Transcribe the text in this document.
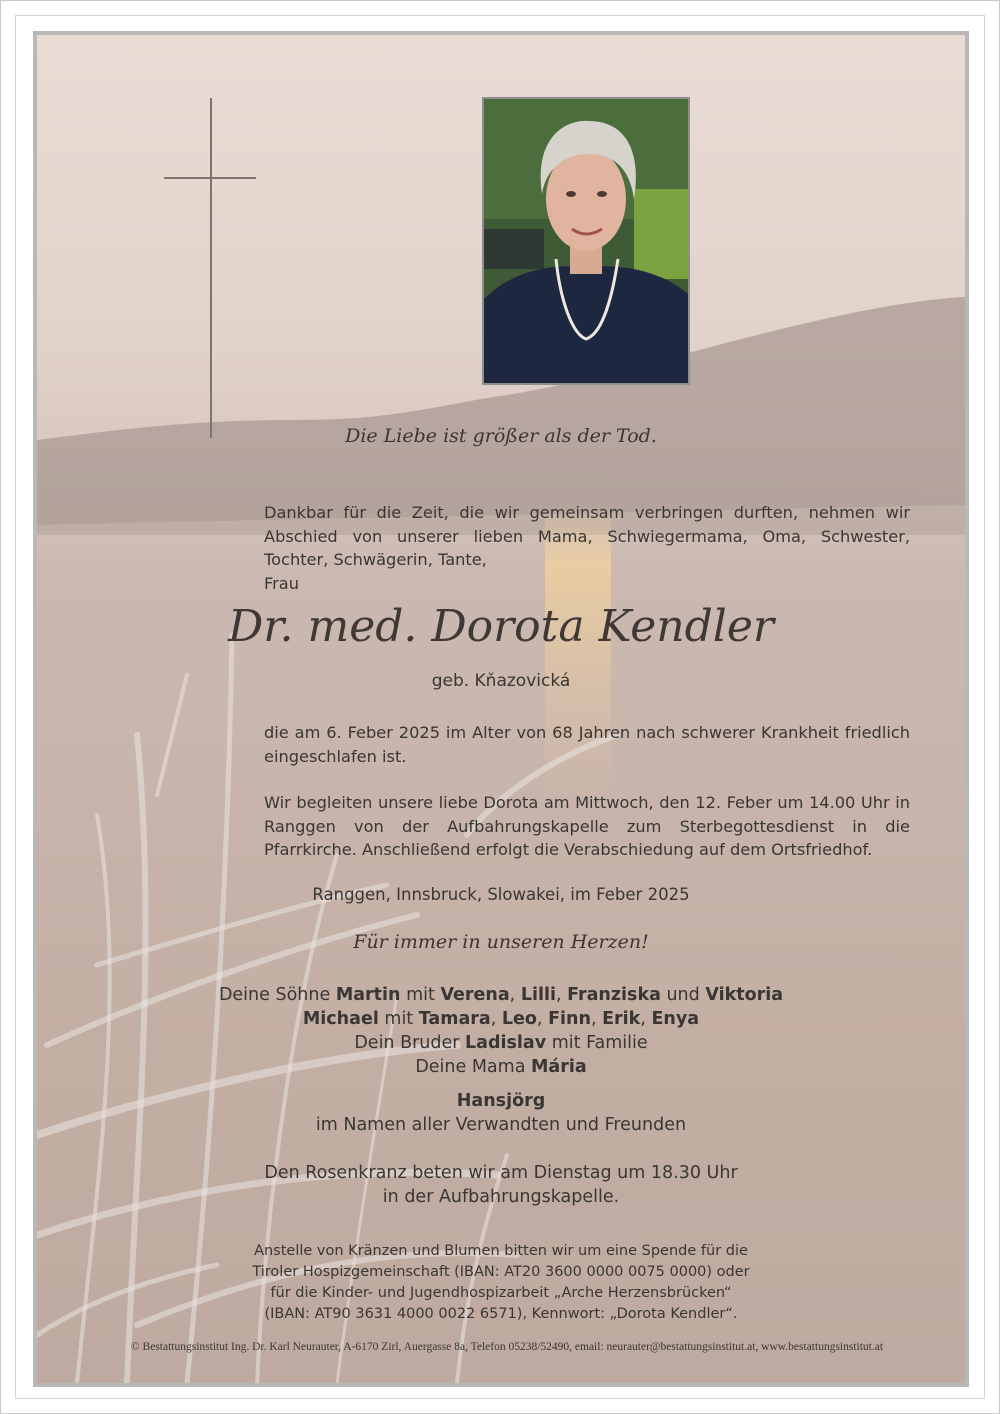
Die Liebe ist größer als der Tod.
Dankbar für die Zeit, die wir gemeinsam verbringen durften, nehmen wir Abschied von unserer lieben Mama, Schwiegermama, Oma, Schwester, Tochter, Schwägerin, Tante,
Frau
Dr. med. Dorota Kendler
geb. Kňazovická
die am 6. Feber 2025 im Alter von 68 Jahren nach schwerer Krankheit friedlich eingeschlafen ist.
Wir begleiten unsere liebe Dorota am Mittwoch, den 12. Feber um 14.00 Uhr in Ranggen von der Aufbahrungskapelle zum Sterbegottesdienst in die Pfarrkirche. Anschließend erfolgt die Verabschiedung auf dem Ortsfriedhof.
Ranggen, Innsbruck, Slowakei, im Feber 2025
Für immer in unseren Herzen!
Deine Söhne Martin mit Verena, Lilli, Franziska und Viktoria
Michael mit Tamara, Leo, Finn, Erik, Enya
Dein Bruder Ladislav mit Familie
Deine Mama Mária
Hansjörg
im Namen aller Verwandten und Freunden
Den Rosenkranz beten wir am Dienstag um 18.30 Uhr
in der Aufbahrungskapelle.
Anstelle von Kränzen und Blumen bitten wir um eine Spende für die
Tiroler Hospizgemeinschaft (IBAN: AT20 3600 0000 0075 0000) oder
für die Kinder- und Jugendhospizarbeit „Arche Herzensbrücken“
(IBAN: AT90 3631 4000 0022 6571), Kennwort: „Dorota Kendler“.
© Bestattungsinstitut Ing. Dr. Karl Neurauter, A-6170 Zirl, Auergasse 8a, Telefon 05238/52490, email: neurauter@bestattungsinstitut.at, www.bestattungsinstitut.at
